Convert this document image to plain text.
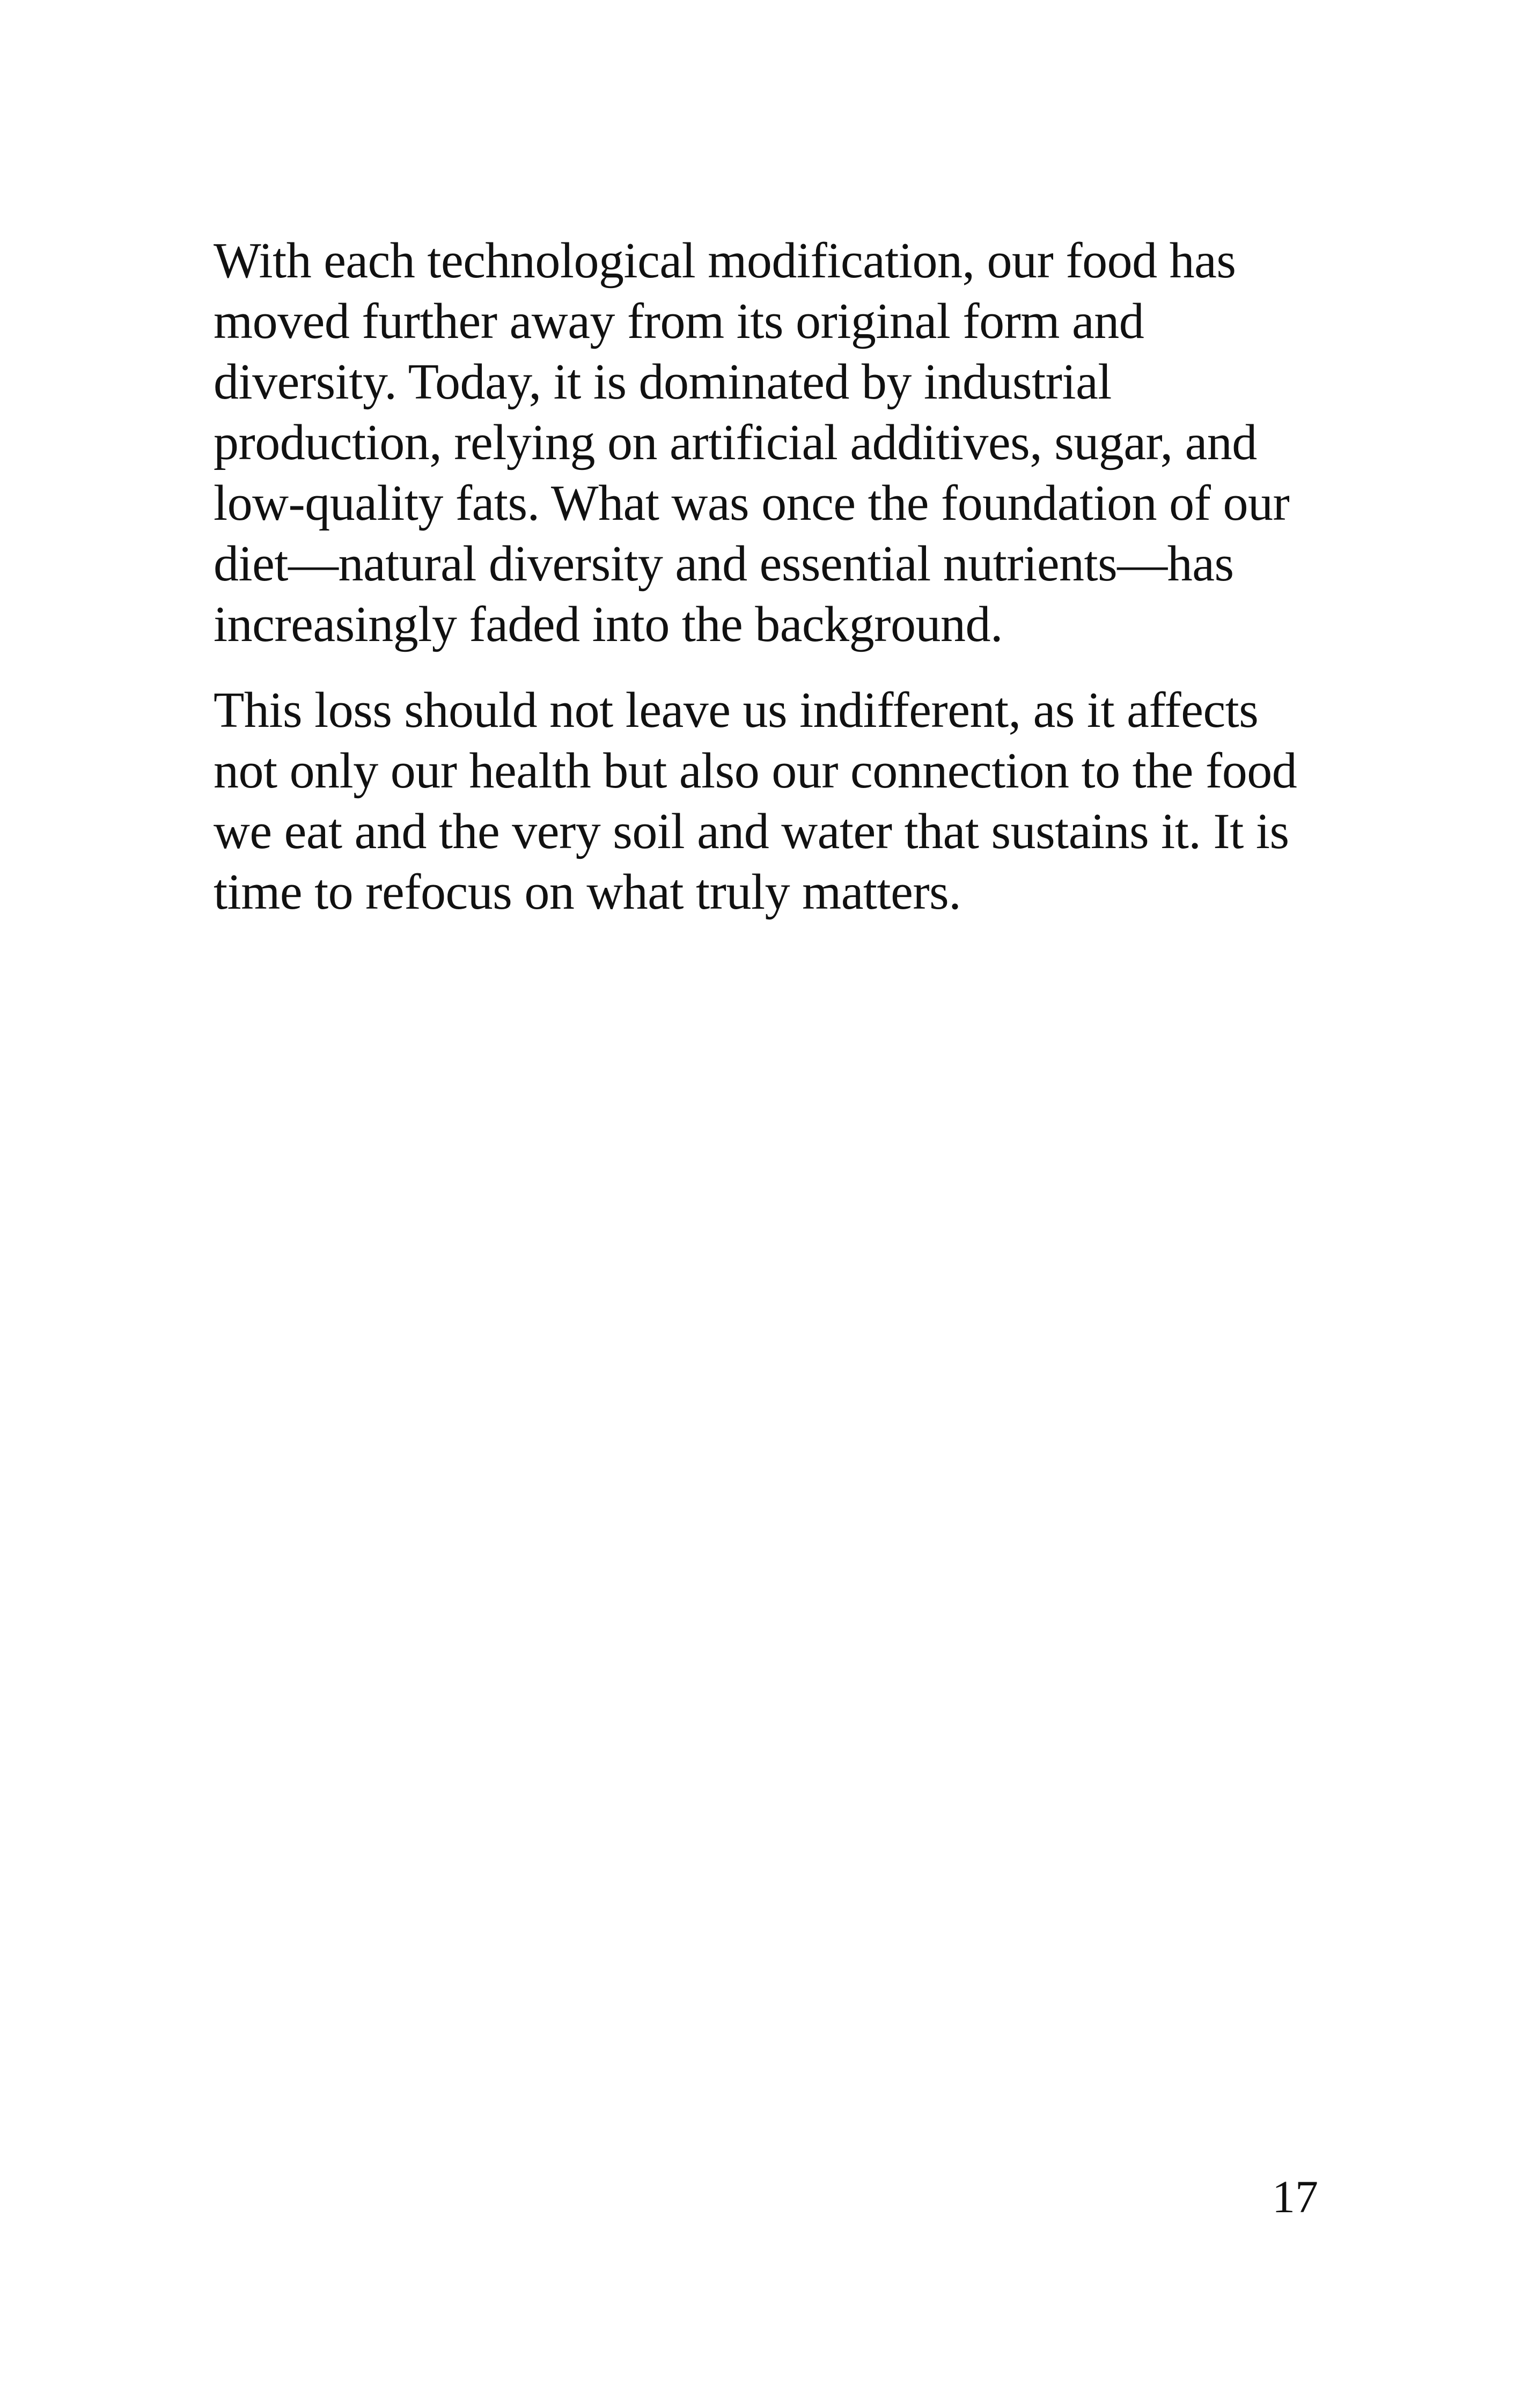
With each technological modification, our food has moved further away from its original form and diversity. Today, it is dominated by industrial production, relying on artificial additives, sugar, and low-quality fats. What was once the foundation of our diet—natural diversity and essential nutrients—has increasingly faded into the background.

This loss should not leave us indifferent, as it affects not only our health but also our connection to the food we eat and the very soil and water that sustains it. It is time to refocus on what truly matters.

17
